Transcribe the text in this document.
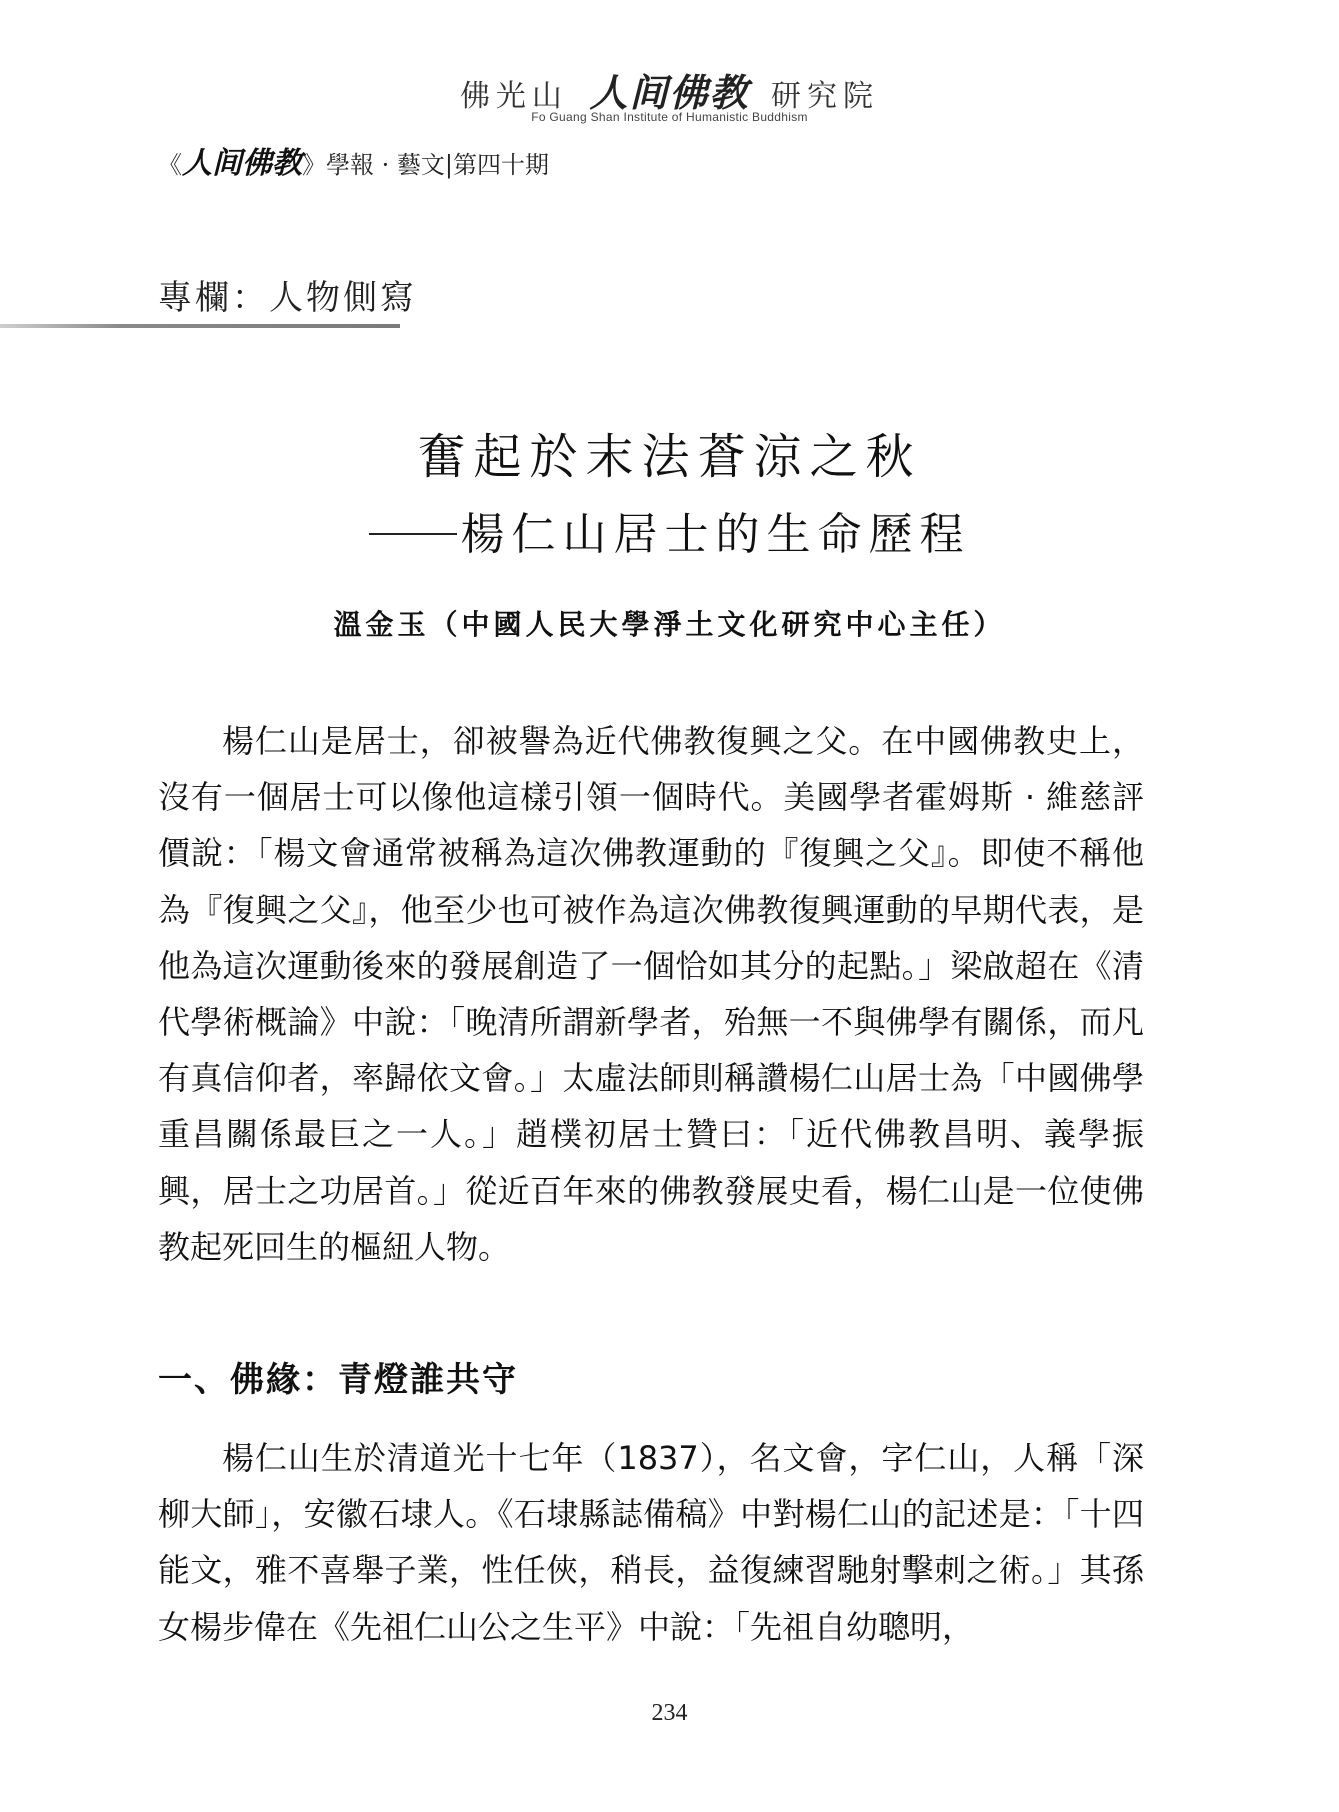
佛光山 人间佛教 研究院
Fo Guang Shan Institute of Humanistic Buddhism
《人间佛教》學報 · 藝文|第四十期
專欄：人物側寫
奮起於末法蒼涼之秋
楊仁山居士的生命歷程
溫金玉（中國人民大學淨土文化研究中心主任）

楊仁山是居士，卻被譽為近代佛教復興之父。在中國佛教史上，沒有一個居士可以像他這樣引領一個時代。美國學者霍姆斯 · 維慈評價說：「楊文會通常被稱為這次佛教運動的『復興之父』。即使不稱他為『復興之父』，他至少也可被作為這次佛教復興運動的早期代表，是他為這次運動後來的發展創造了一個恰如其分的起點。」梁啟超在《清代學術概論》中說：「晚清所謂新學者，殆無一不與佛學有關係，而凡有真信仰者，率歸依文會。」太虛法師則稱讚楊仁山居士為「中國佛學重昌關係最巨之一人。」趙樸初居士贊曰：「近代佛教昌明、義學振興，居士之功居首。」從近百年來的佛教發展史看，楊仁山是一位使佛教起死回生的樞紐人物。

一、佛緣：青燈誰共守

楊仁山生於清道光十七年（1837），名文會，字仁山，人稱「深柳大師」，安徽石埭人。《石埭縣誌備稿》中對楊仁山的記述是：「十四能文，雅不喜舉子業，性任俠，稍長，益復練習馳射擊刺之術。」其孫女楊步偉在《先祖仁山公之生平》中說：「先祖自幼聰明，

234
